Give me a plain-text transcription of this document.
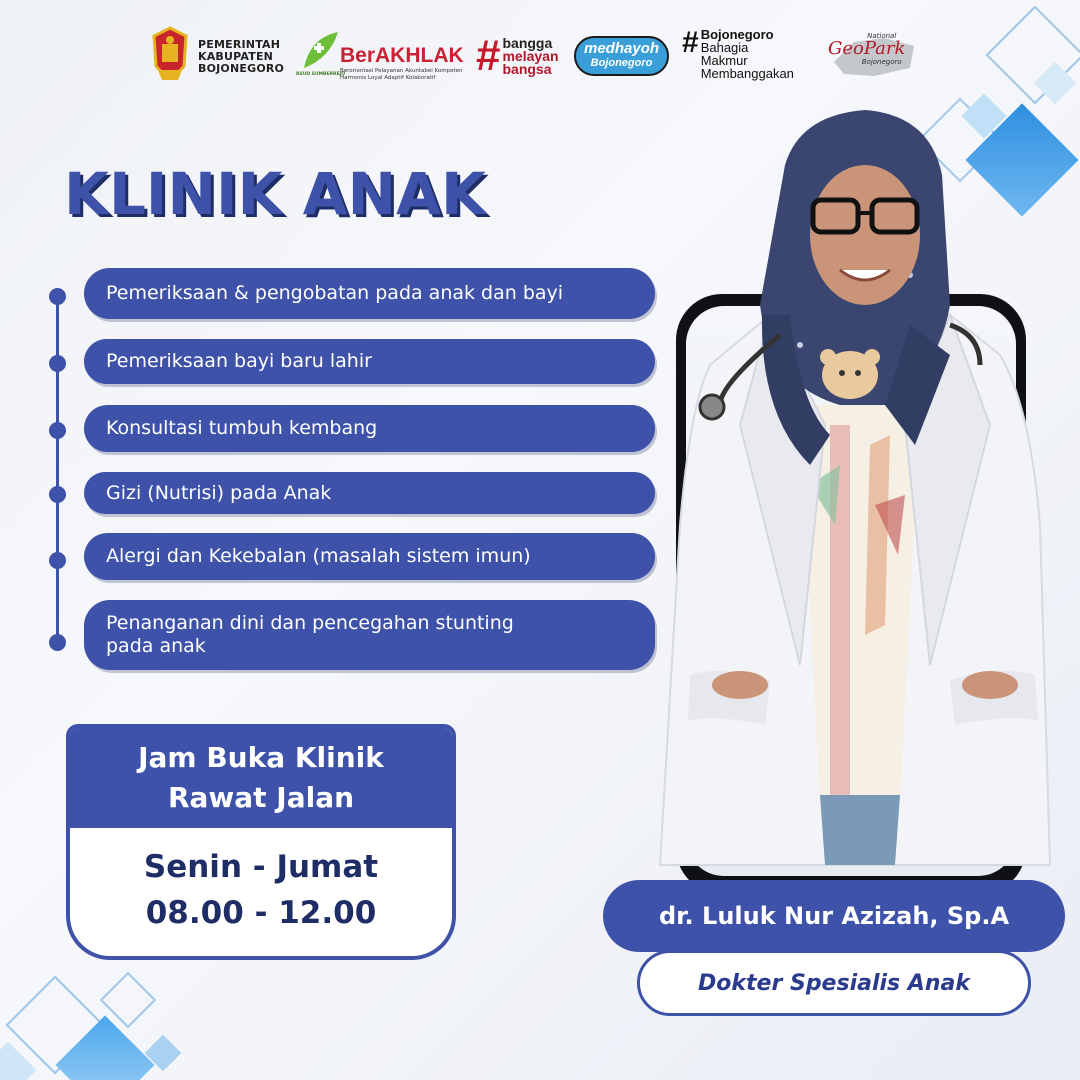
PEMERINTAH
KABUPATEN
BOJONEGORO	RSUD SUMBERREJO
BerAKHLAK
Berorientasi Pelayanan Akuntabel Kompeten
Harmonis Loyal Adaptif Kolaboratif # bangga
melayan
bangsa
medhayoh
Bojonegoro
# Bojonegoro
Bahagia
Makmur
Membanggakan
National
GeoPark
Bojonegoro
KLINIK ANAK
Pemeriksaan & pengobatan pada anak dan bayi
Pemeriksaan bayi baru lahir
Konsultasi tumbuh kembang
Gizi (Nutrisi) pada Anak
Alergi dan Kekebalan (masalah sistem imun)
Penanganan dini dan pencegahan stunting
pada anak
Jam Buka Klinik
Rawat Jalan
Senin - Jumat
08.00 - 12.00	dr. Luluk Nur Azizah, Sp.A
Dokter Spesialis Anak
